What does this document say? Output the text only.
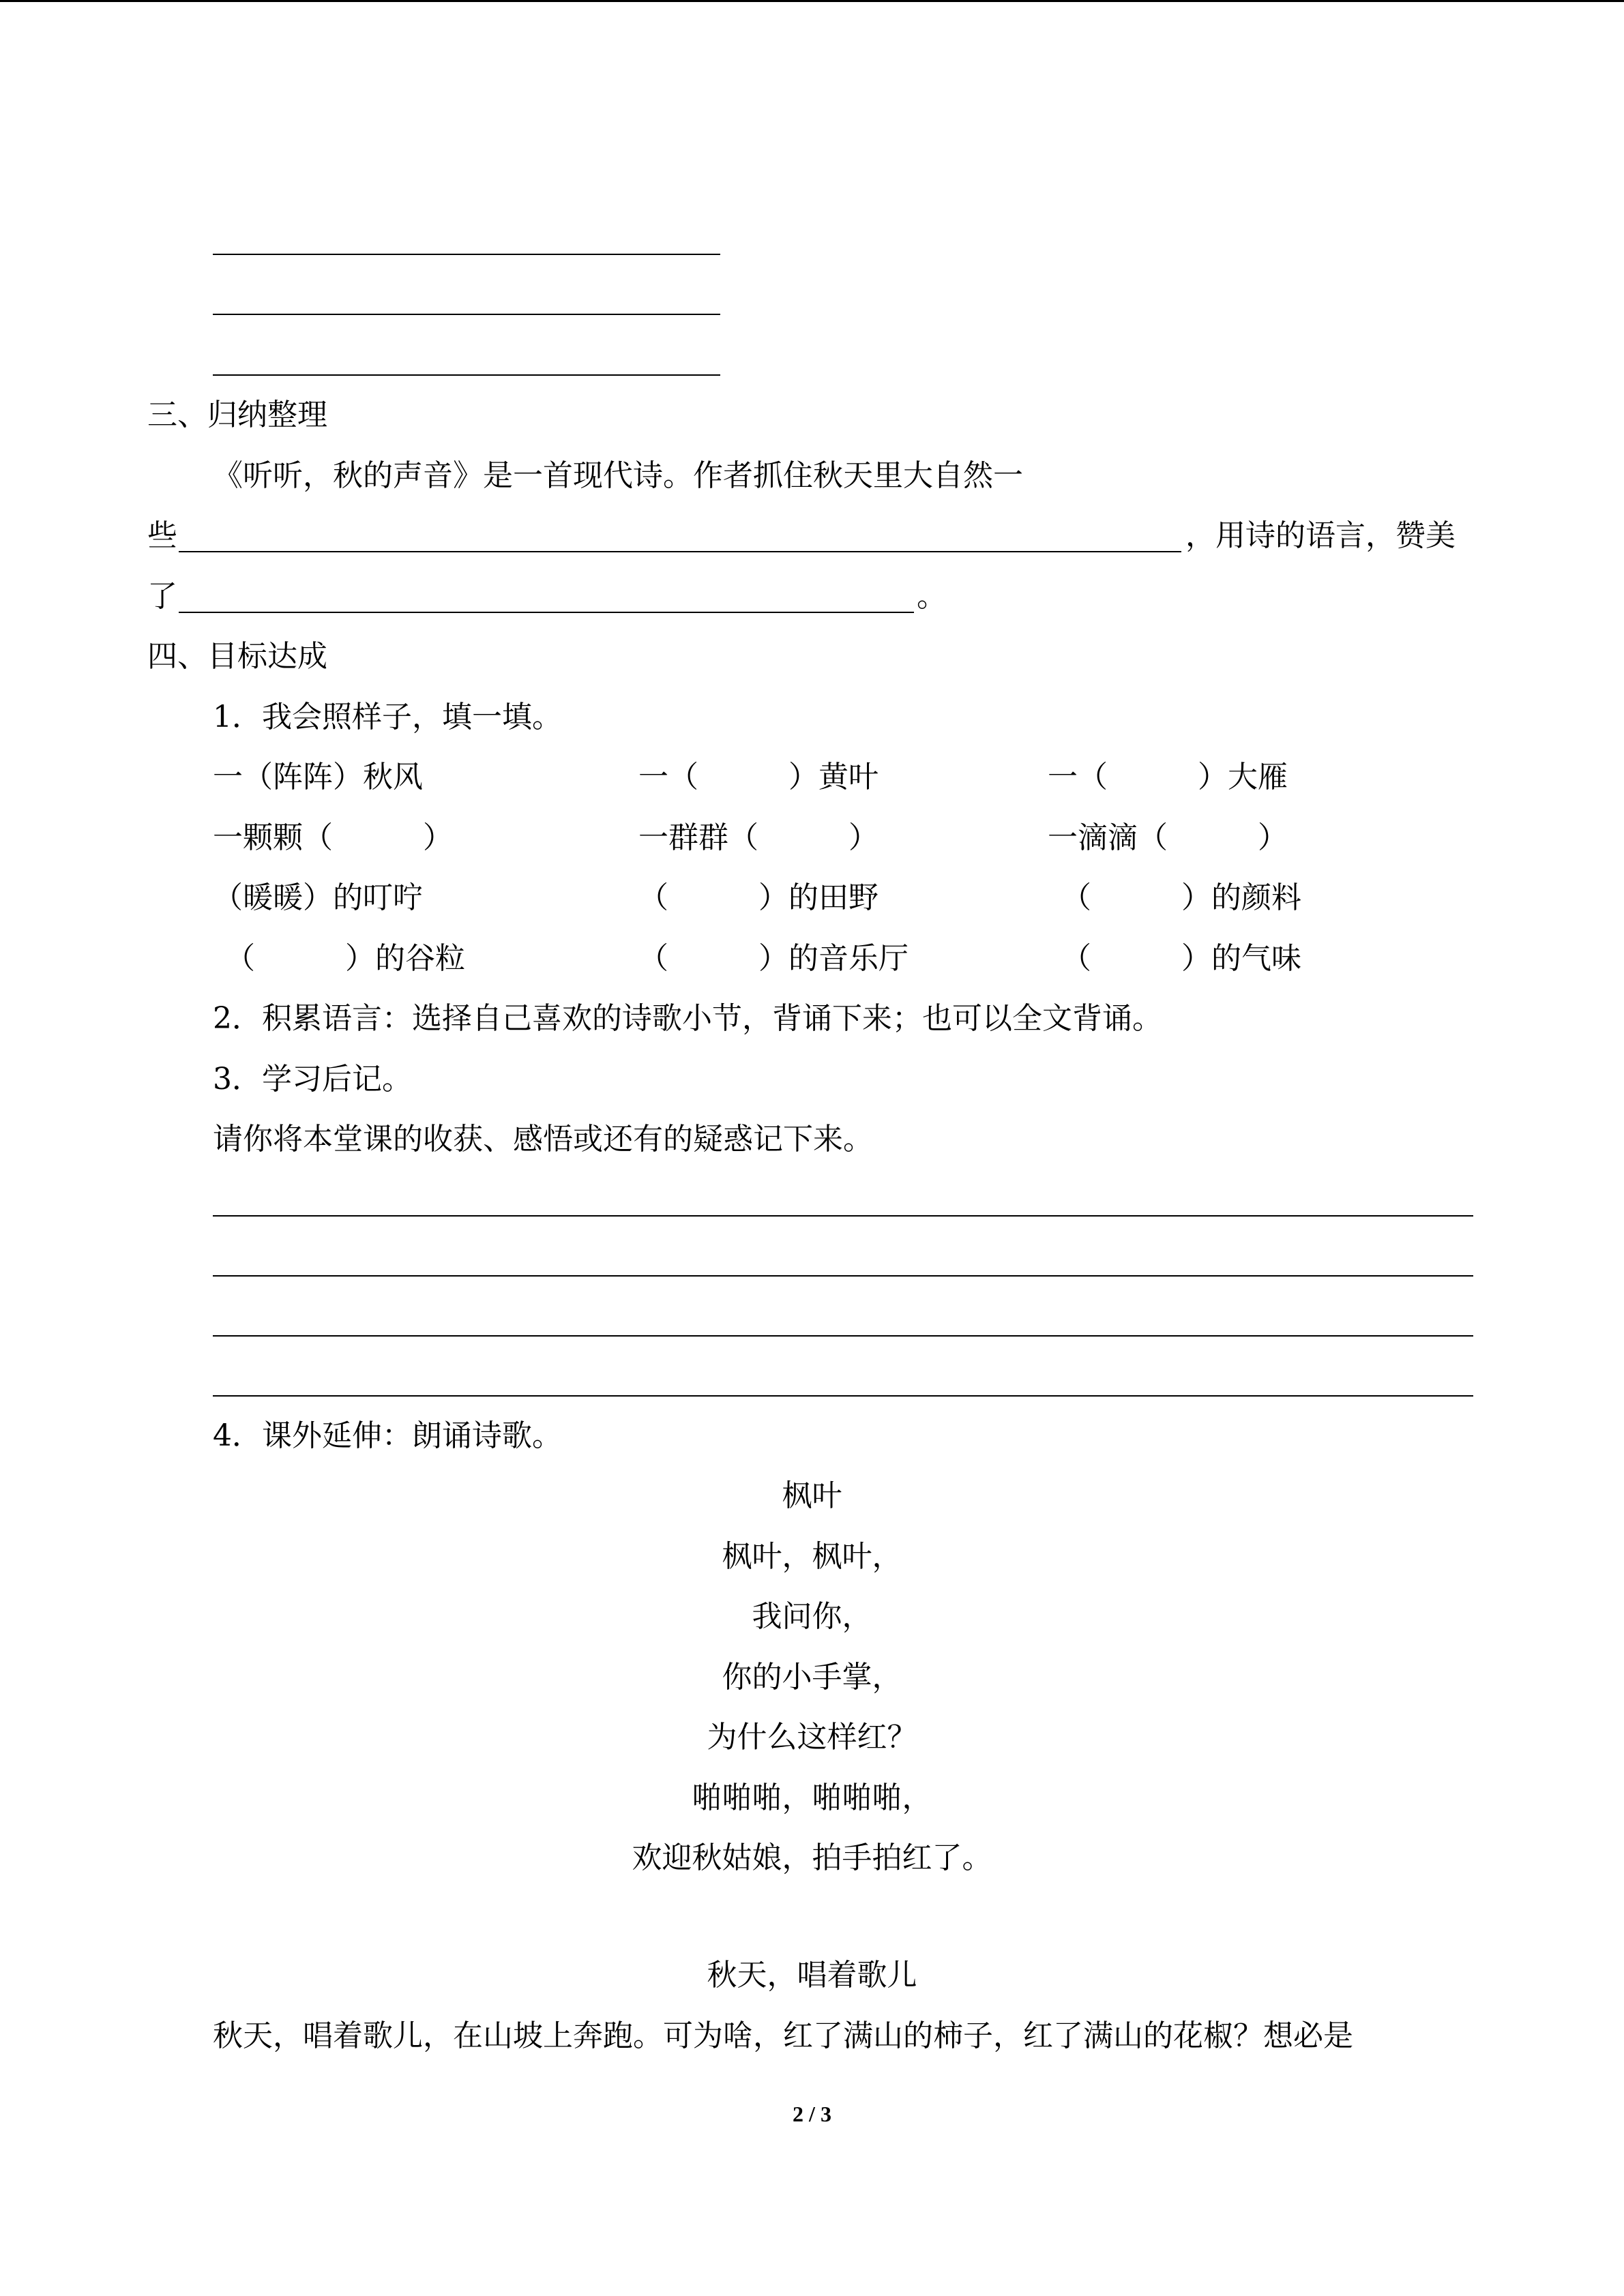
三、归纳整理
《听听，秋的声音》是一首现代诗。作者抓住秋天里大自然一
些	，用诗的语言，赞美
了	。
四、目标达成
1．我会照样子，填一填。
一（阵阵）秋风	一（　　　）黄叶	一（　　　）大雁
一颗颗（　　　）	一群群（　　　）	一滴滴（　　　）
（暖暖）的叮咛	（　　　）的田野	（　　　）的颜料
（　　　）的谷粒	（　　　）的音乐厅	（　　　）的气味
2．积累语言：选择自己喜欢的诗歌小节，背诵下来；也可以全文背诵。
3．学习后记。
请你将本堂课的收获、感悟或还有的疑惑记下来。
4．课外延伸：朗诵诗歌。
枫叶
枫叶，枫叶，
我问你，
你的小手掌，
为什么这样红？
啪啪啪，啪啪啪，
欢迎秋姑娘，拍手拍红了。
秋天，唱着歌儿
秋天，唱着歌儿，在山坡上奔跑。可为啥，红了满山的柿子，红了满山的花椒？想必是
2 / 3
